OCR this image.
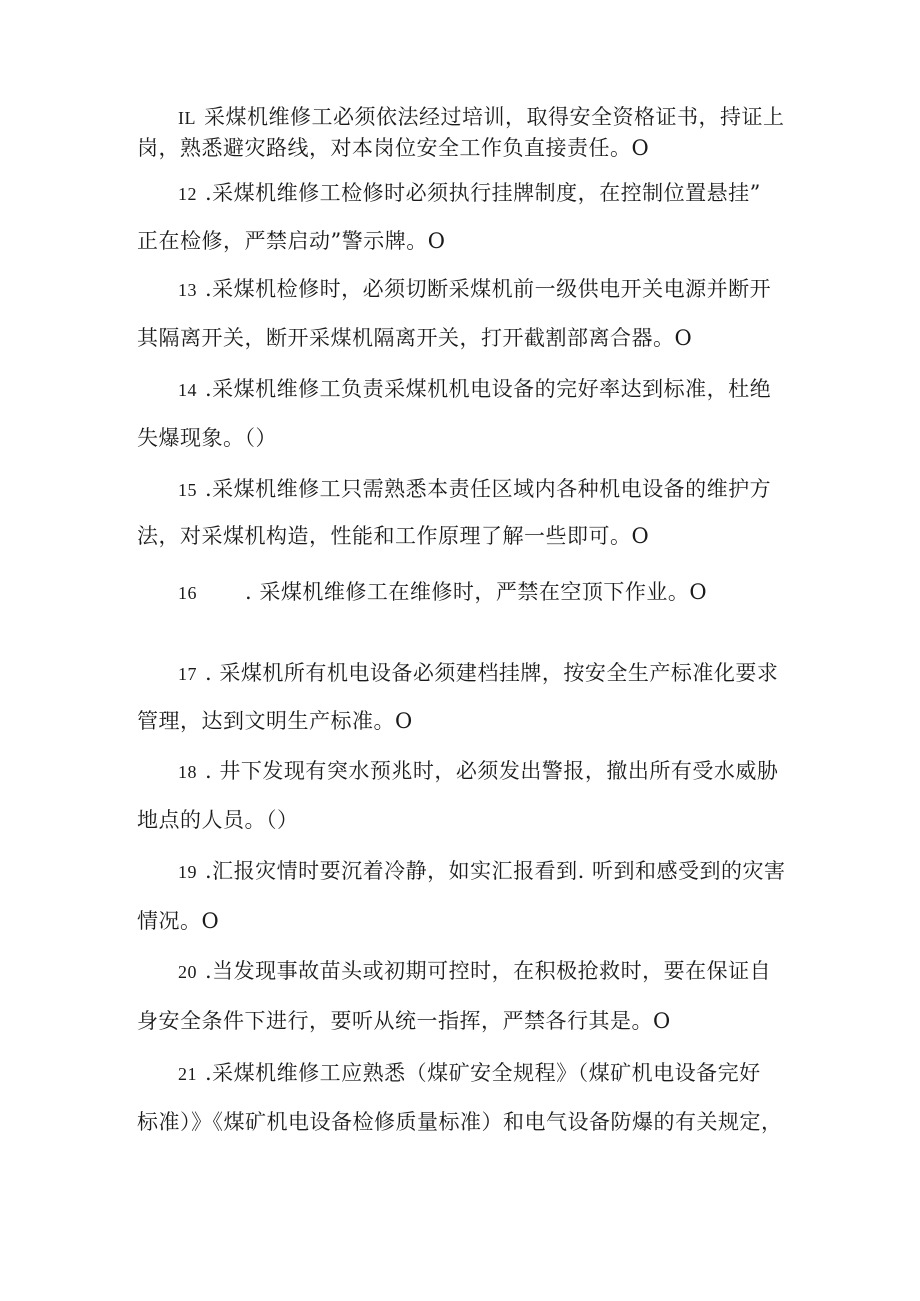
IL 采煤机维修工必须依法经过培训，取得安全资格证书，持证上
岗，熟悉避灾路线，对本岗位安全工作负直接责任。O
12 .采煤机维修工检修时必须执行挂牌制度，在控制位置悬挂”
正在检修，严禁启动”警示牌。O
13 .采煤机检修时，必须切断采煤机前一级供电开关电源并断开
其隔离开关，断开采煤机隔离开关，打开截割部离合器。O
14 .采煤机维修工负责采煤机机电设备的完好率达到标准，杜绝
失爆现象。（）
15 .采煤机维修工只需熟悉本责任区域内各种机电设备的维护方
法，对采煤机构造，性能和工作原理了解一些即可。O
16 . 采煤机维修工在维修时，严禁在空顶下作业。O
17 . 采煤机所有机电设备必须建档挂牌，按安全生产标准化要求
管理，达到文明生产标准。O
18 . 井下发现有突水预兆时，必须发出警报，撤出所有受水威胁
地点的人员。（）
19 .汇报灾情时要沉着冷静，如实汇报看到. 听到和感受到的灾害
情况。O
20 .当发现事故苗头或初期可控时，在积极抢救时，要在保证自
身安全条件下进行，要听从统一指挥，严禁各行其是。O
21 .采煤机维修工应熟悉（煤矿安全规程》（煤矿机电设备完好
标准）》《煤矿机电设备检修质量标准）和电气设备防爆的有关规定，
